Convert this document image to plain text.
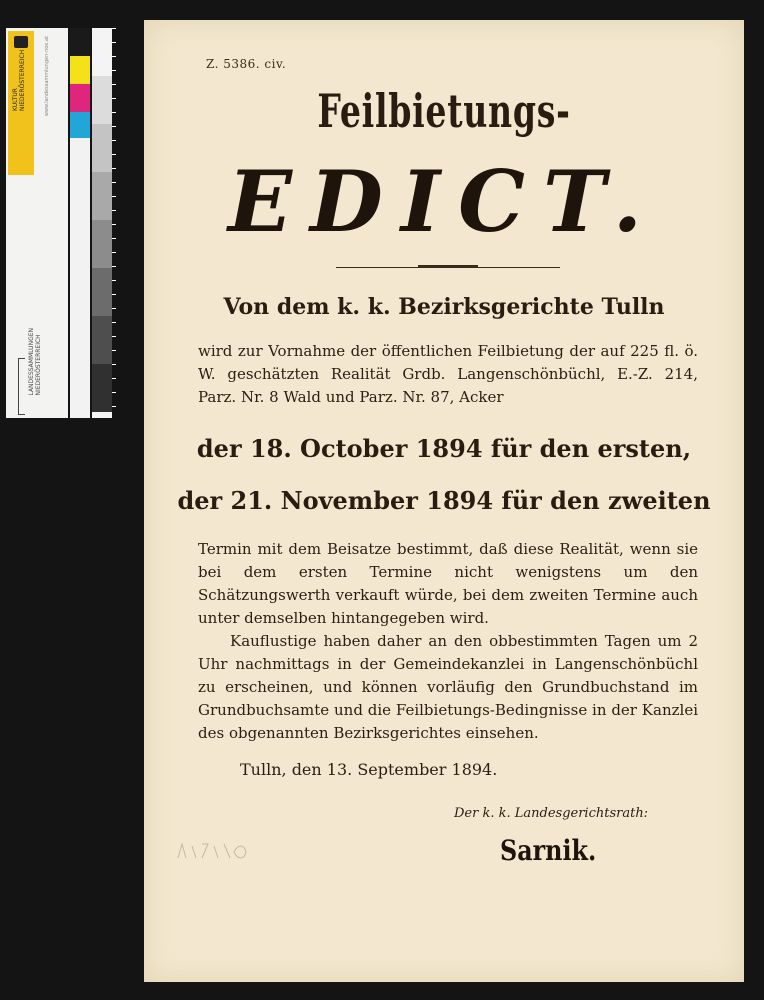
KULTUR
NIEDERÖSTERREICH	www.landessammlungen-noe.at
LANDESSAMMLUNGEN
NIEDERÖSTERREICH
Z. 5386. civ.
Feilbietungs-
EDICT.
Von dem k. k. Bezirksgerichte Tulln
wird zur Vornahme der öffentlichen Feilbietung der auf 225 fl. ö. W. geschätzten Realität Grdb. Langenschönbüchl, E.-Z. 214, Parz. Nr. 8 Wald und Parz. Nr. 87, Acker
der 18. October 1894 für den ersten,
der 21. November 1894 für den zweiten
Termin mit dem Beisatze bestimmt, daß diese Realität, wenn sie bei dem ersten Termine nicht wenigstens um den Schätzungswerth verkauft würde, bei dem zweiten Termine auch unter demselben hintangegeben wird.
Kauflustige haben daher an den obbestimmten Tagen um 2 Uhr nachmittags in der Gemeindekanzlei in Langenschönbüchl zu erscheinen, und können vorläufig den Grundbuchstand im Grundbuchsamte und die Feilbietungs-Bedingnisse in der Kanzlei des obgenannten Bezirksgerichtes einsehen.
Tulln, den 13. September 1894.
Der k. k. Landesgerichtsrath:
Sarnik.
